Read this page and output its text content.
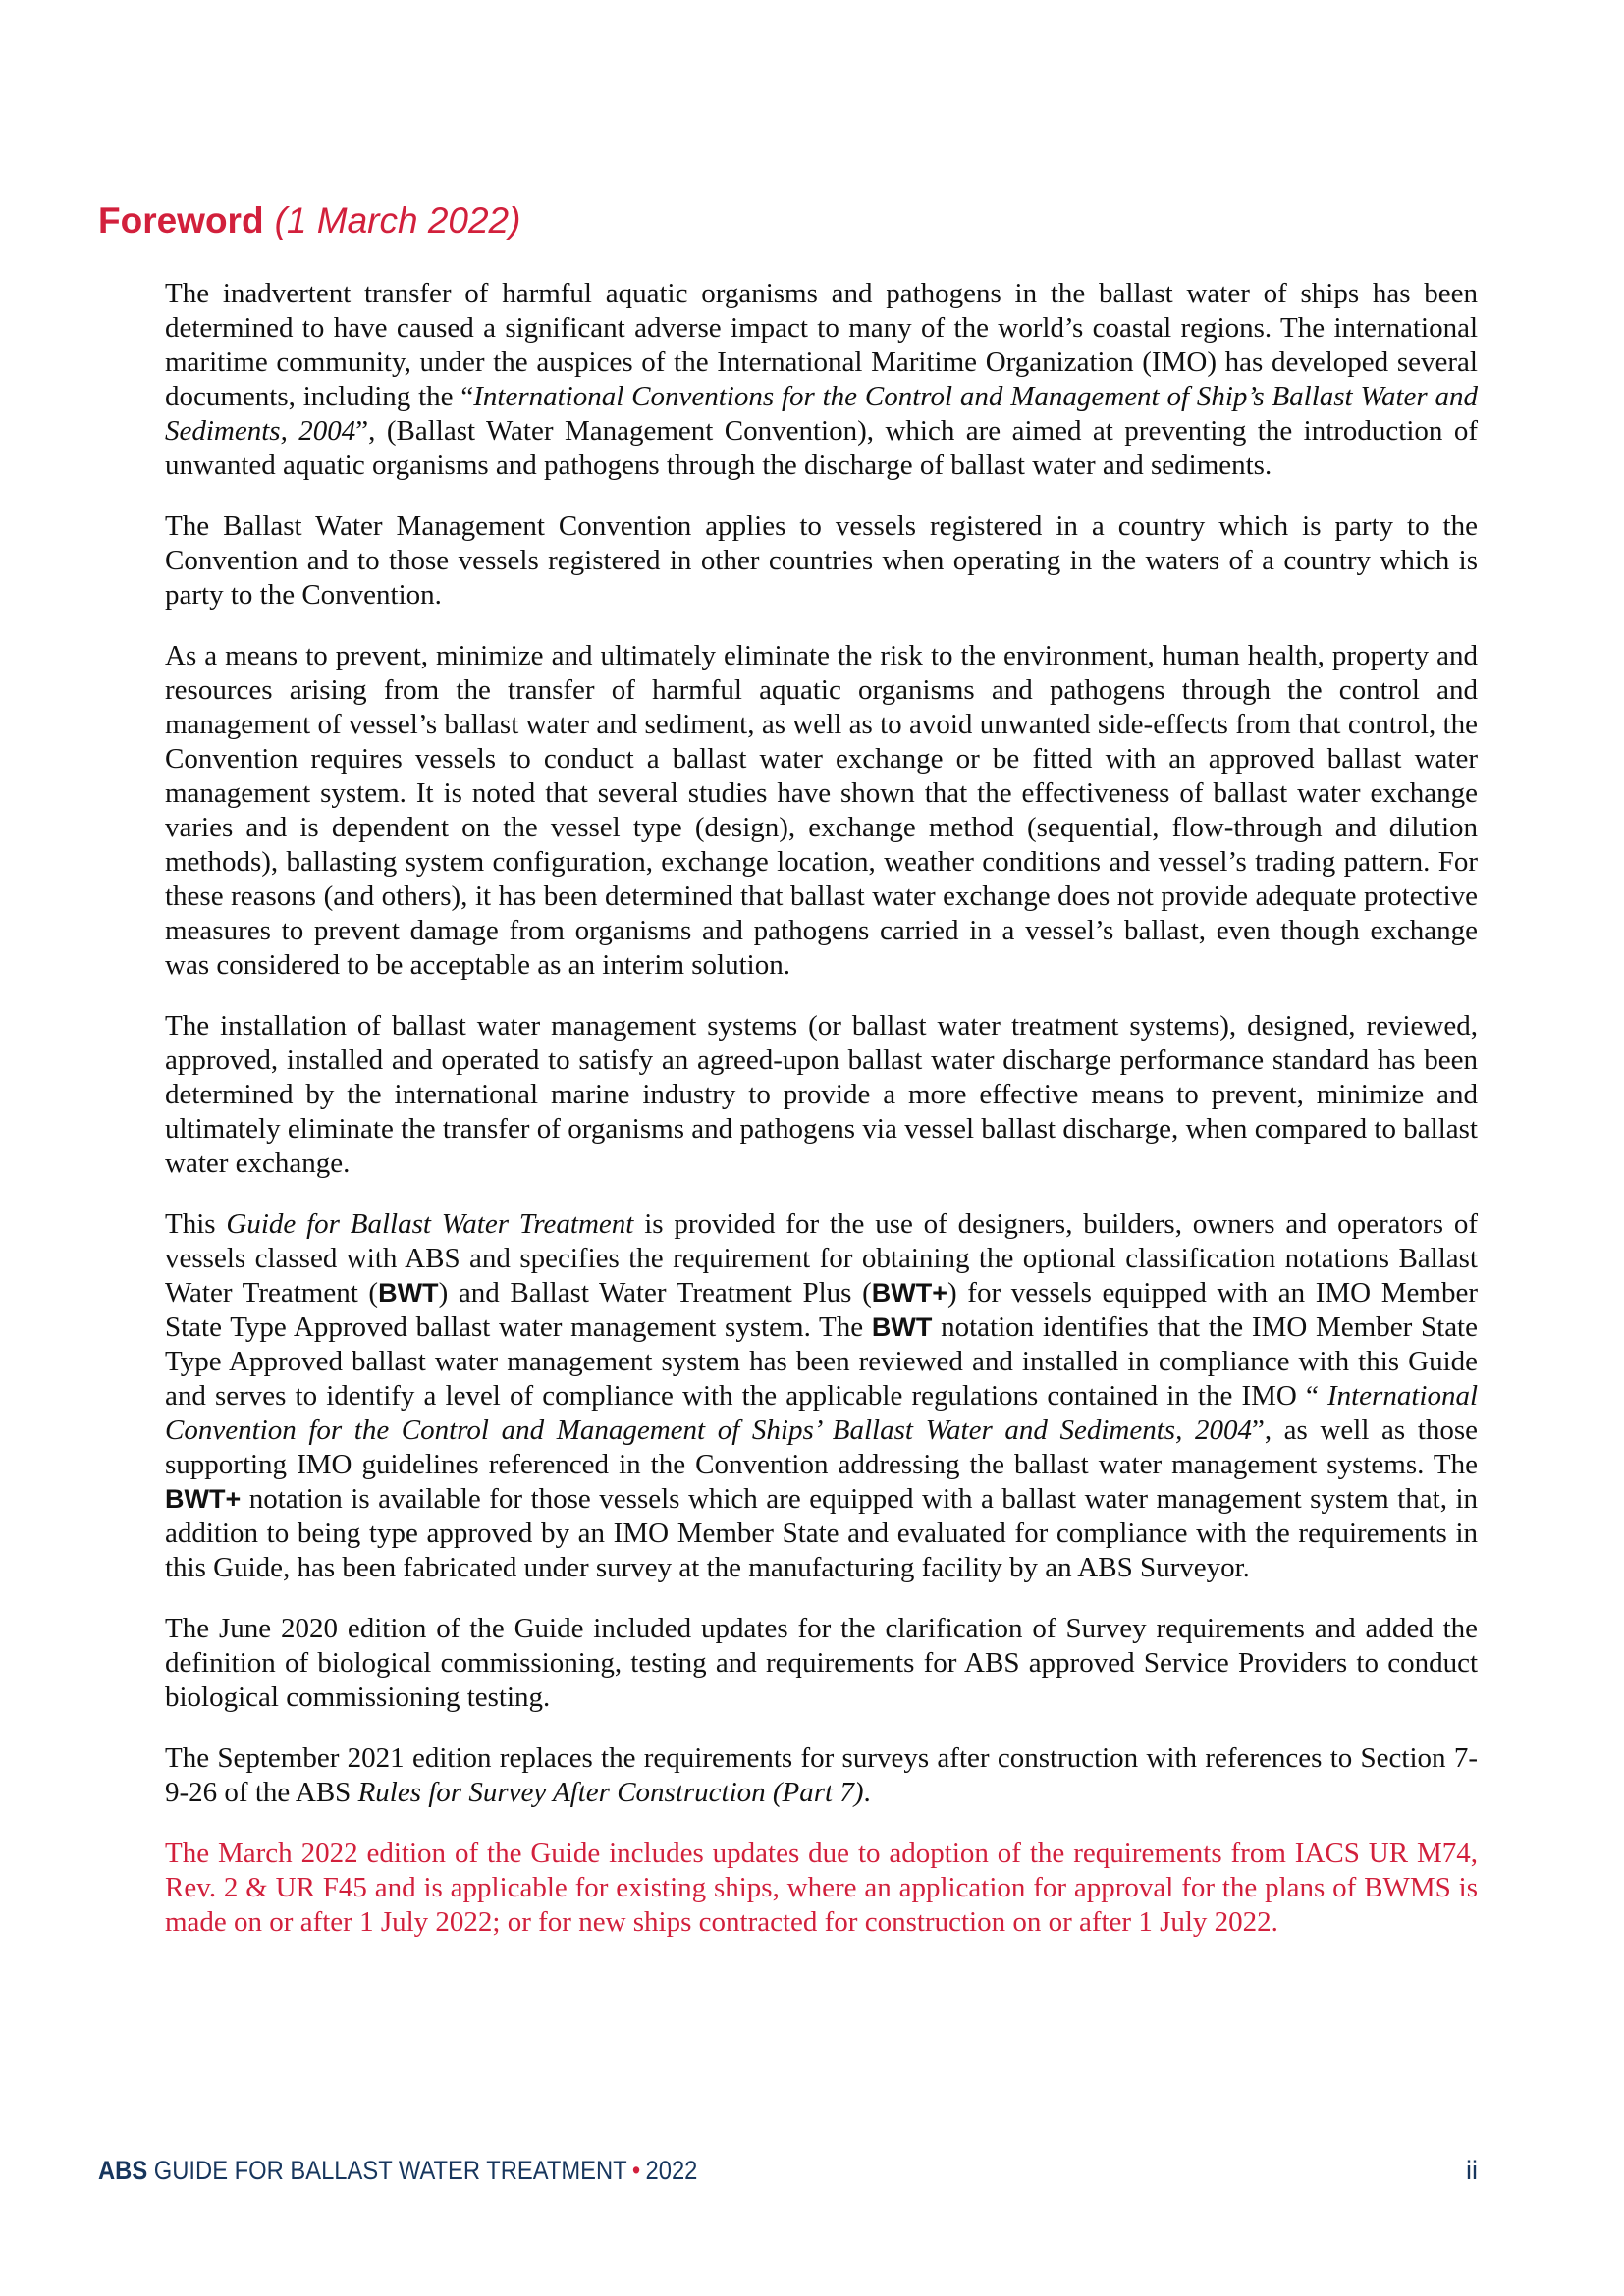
Foreword (1 March 2022)

The inadvertent transfer of harmful aquatic organisms and pathogens in the ballast water of ships has been determined to have caused a significant adverse impact to many of the world’s coastal regions. The international maritime community, under the auspices of the International Maritime Organization (IMO) has developed several documents, including the “International Conventions for the Control and Management of Ship’s Ballast Water and Sediments, 2004”, (Ballast Water Management Convention), which are aimed at preventing the introduction of unwanted aquatic organisms and pathogens through the discharge of ballast water and sediments.

The Ballast Water Management Convention applies to vessels registered in a country which is party to the Convention and to those vessels registered in other countries when operating in the waters of a country which is party to the Convention.

As a means to prevent, minimize and ultimately eliminate the risk to the environment, human health, property and resources arising from the transfer of harmful aquatic organisms and pathogens through the control and management of vessel’s ballast water and sediment, as well as to avoid unwanted side-effects from that control, the Convention requires vessels to conduct a ballast water exchange or be fitted with an approved ballast water management system. It is noted that several studies have shown that the effectiveness of ballast water exchange varies and is dependent on the vessel type (design), exchange method (sequential, flow-through and dilution methods), ballasting system configuration, exchange location, weather conditions and vessel’s trading pattern. For these reasons (and others), it has been determined that ballast water exchange does not provide adequate protective measures to prevent damage from organisms and pathogens carried in a vessel’s ballast, even though exchange was considered to be acceptable as an interim solution.

The installation of ballast water management systems (or ballast water treatment systems), designed, reviewed, approved, installed and operated to satisfy an agreed-upon ballast water discharge performance standard has been determined by the international marine industry to provide a more effective means to prevent, minimize and ultimately eliminate the transfer of organisms and pathogens via vessel ballast discharge, when compared to ballast water exchange.

This Guide for Ballast Water Treatment is provided for the use of designers, builders, owners and operators of vessels classed with ABS and specifies the requirement for obtaining the optional classification notations Ballast Water Treatment (BWT) and Ballast Water Treatment Plus (BWT+) for vessels equipped with an IMO Member State Type Approved ballast water management system. The BWT notation identifies that the IMO Member State Type Approved ballast water management system has been reviewed and installed in compliance with this Guide and serves to identify a level of compliance with the applicable regulations contained in the IMO “ International Convention for the Control and Management of Ships’ Ballast Water and Sediments, 2004”, as well as those supporting IMO guidelines referenced in the Convention addressing the ballast water management systems. The BWT+ notation is available for those vessels which are equipped with a ballast water management system that, in addition to being type approved by an IMO Member State and evaluated for compliance with the requirements in this Guide, has been fabricated under survey at the manufacturing facility by an ABS Surveyor.

The June 2020 edition of the Guide included updates for the clarification of Survey requirements and added the definition of biological commissioning, testing and requirements for ABS approved Service Providers to conduct biological commissioning testing.

The September 2021 edition replaces the requirements for surveys after construction with references to Section 7-9-26 of the ABS Rules for Survey After Construction (Part 7).

The March 2022 edition of the Guide includes updates due to adoption of the requirements from IACS UR M74, Rev. 2 & UR F45 and is applicable for existing ships, where an application for approval for the plans of BWMS is made on or after 1 July 2022; or for new ships contracted for construction on or after 1 July 2022.

ABS GUIDE FOR BALLAST WATER TREATMENT • 2022	ii
